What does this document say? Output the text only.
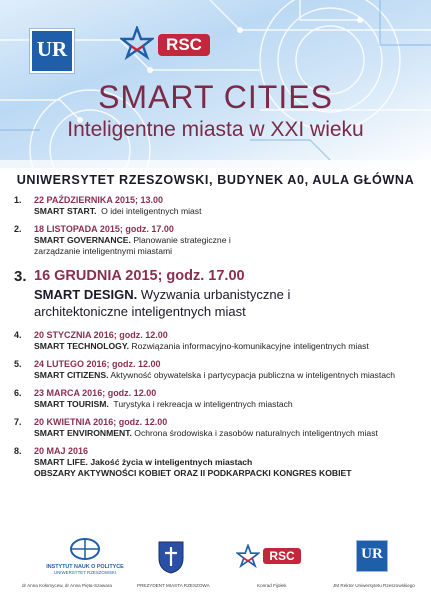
UR	RSC
SMART CITIES
Inteligentne miasta w XXI wieku
UNIWERSYTET RZESZOWSKI, BUDYNEK A0, AULA GŁÓWNA
1. 22 PAŹDZIERNIKA 2015; 13.00
SMART START. O idei inteligentnych miast
2. 18 LISTOPADA 2015; godz. 17.00
SMART GOVERNANCE. Planowanie strategiczne i zarządzanie inteligentnymi miastami
3. 16 GRUDNIA 2015; godz. 17.00
SMART DESIGN. Wyzwania urbanistyczne i architektoniczne inteligentnych miast
4. 20 STYCZNIA 2016; godz. 12.00
SMART TECHNOLOGY. Rozwiązania informacyjno-komunikacyjne inteligentnych miast
5. 24 LUTEGO 2016; godz. 12.00
SMART CITIZENS. Aktywność obywatelska i partycypacja publiczna w inteligentnych miastach
6. 23 MARCA 2016; godz. 12.00
SMART TOURISM. Turystyka i rekreacja w inteligentnych miastach
7. 20 KWIETNIA 2016; godz. 12.00
SMART ENVIRONMENT. Ochrona środowiska i zasobów naturalnych inteligentnych miast
8. 20 MAJ 2016
SMART LIFE. Jakość życia w inteligentnych miastach
OBSZARY AKTYWNOŚCI KOBIET ORAZ II PODKARPACKI KONGRES KOBIET
INSTYTUT NAUK O POLITYCE
UNIWERSYTET RZESZOWSKI
RSC	UR
dr Anna Kołomycew, dr Anna Pięta-Szawara	PREZYDENT MIASTA RZESZOWA	Konrad Fijołek	JM Rektor Uniwersytetu Rzeszowskiego
